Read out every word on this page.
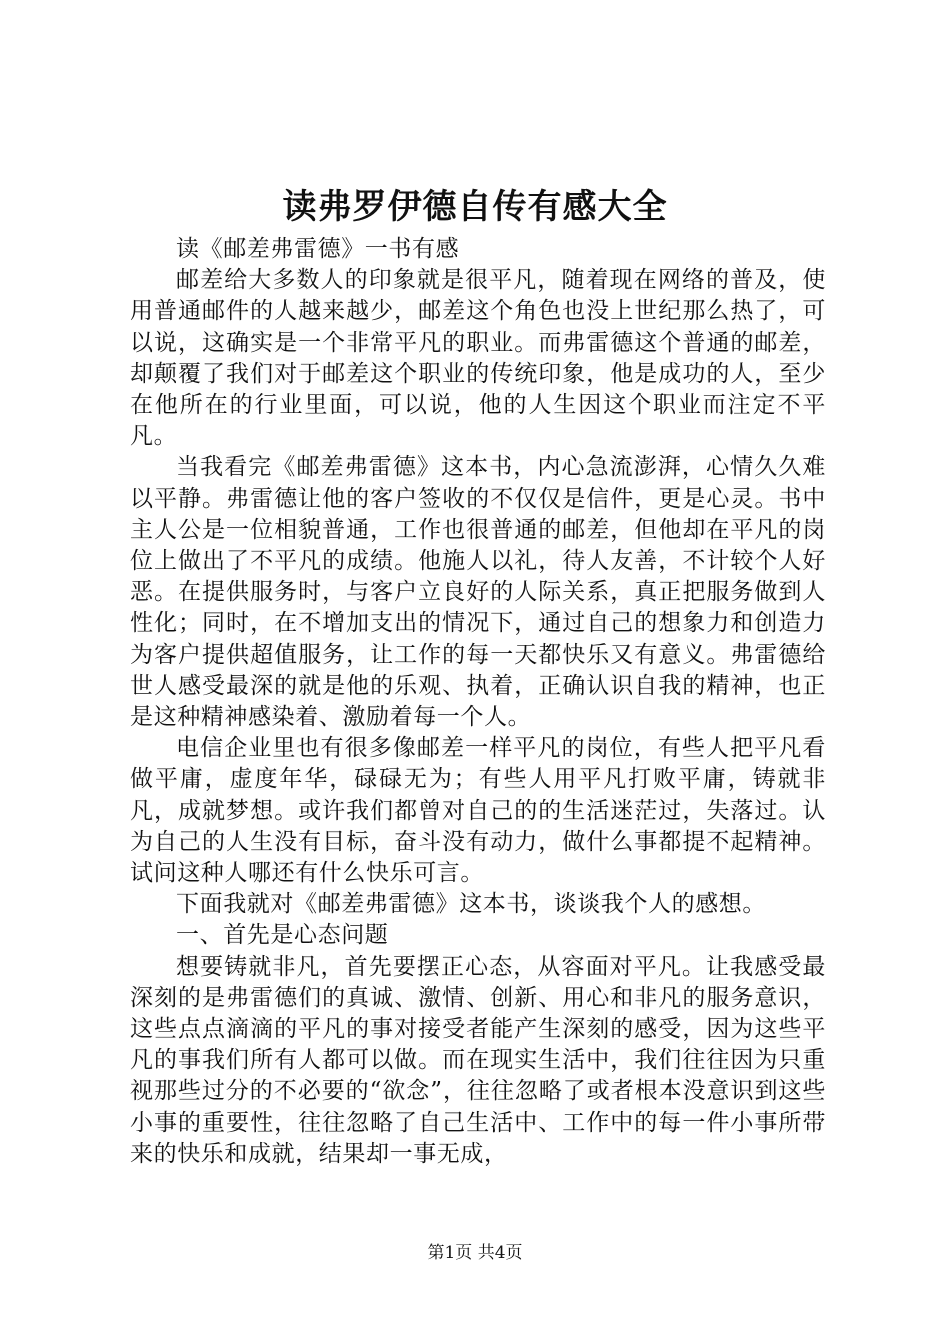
读弗罗伊德自传有感大全

读《邮差弗雷德》一书有感

邮差给大多数人的印象就是很平凡，随着现在网络的普及，使用普通邮件的人越来越少，邮差这个角色也没上世纪那么热了，可以说，这确实是一个非常平凡的职业。而弗雷德这个普通的邮差，却颠覆了我们对于邮差这个职业的传统印象，他是成功的人，至少在他所在的行业里面，可以说，他的人生因这个职业而注定不平凡。

当我看完《邮差弗雷德》这本书，内心急流澎湃，心情久久难以平静。弗雷德让他的客户签收的不仅仅是信件，更是心灵。书中主人公是一位相貌普通，工作也很普通的邮差，但他却在平凡的岗位上做出了不平凡的成绩。他施人以礼，待人友善，不计较个人好恶。在提供服务时，与客户立良好的人际关系，真正把服务做到人性化；同时，在不增加支出的情况下，通过自己的想象力和创造力为客户提供超值服务，让工作的每一天都快乐又有意义。弗雷德给世人感受最深的就是他的乐观、执着，正确认识自我的精神，也正是这种精神感染着、激励着每一个人。

电信企业里也有很多像邮差一样平凡的岗位，有些人把平凡看做平庸，虚度年华，碌碌无为；有些人用平凡打败平庸，铸就非凡，成就梦想。或许我们都曾对自己的的生活迷茫过，失落过。认为自己的人生没有目标，奋斗没有动力，做什么事都提不起精神。试问这种人哪还有什么快乐可言。

下面我就对《邮差弗雷德》这本书，谈谈我个人的感想。

一、首先是心态问题

想要铸就非凡，首先要摆正心态，从容面对平凡。让我感受最深刻的是弗雷德们的真诚、激情、创新、用心和非凡的服务意识，这些点点滴滴的平凡的事对接受者能产生深刻的感受，因为这些平凡的事我们所有人都可以做。而在现实生活中，我们往往因为只重视那些过分的不必要的“欲念”，往往忽略了或者根本没意识到这些小事的重要性，往往忽略了自己生活中、工作中的每一件小事所带来的快乐和成就，结果却一事无成，

第1页 共4页
